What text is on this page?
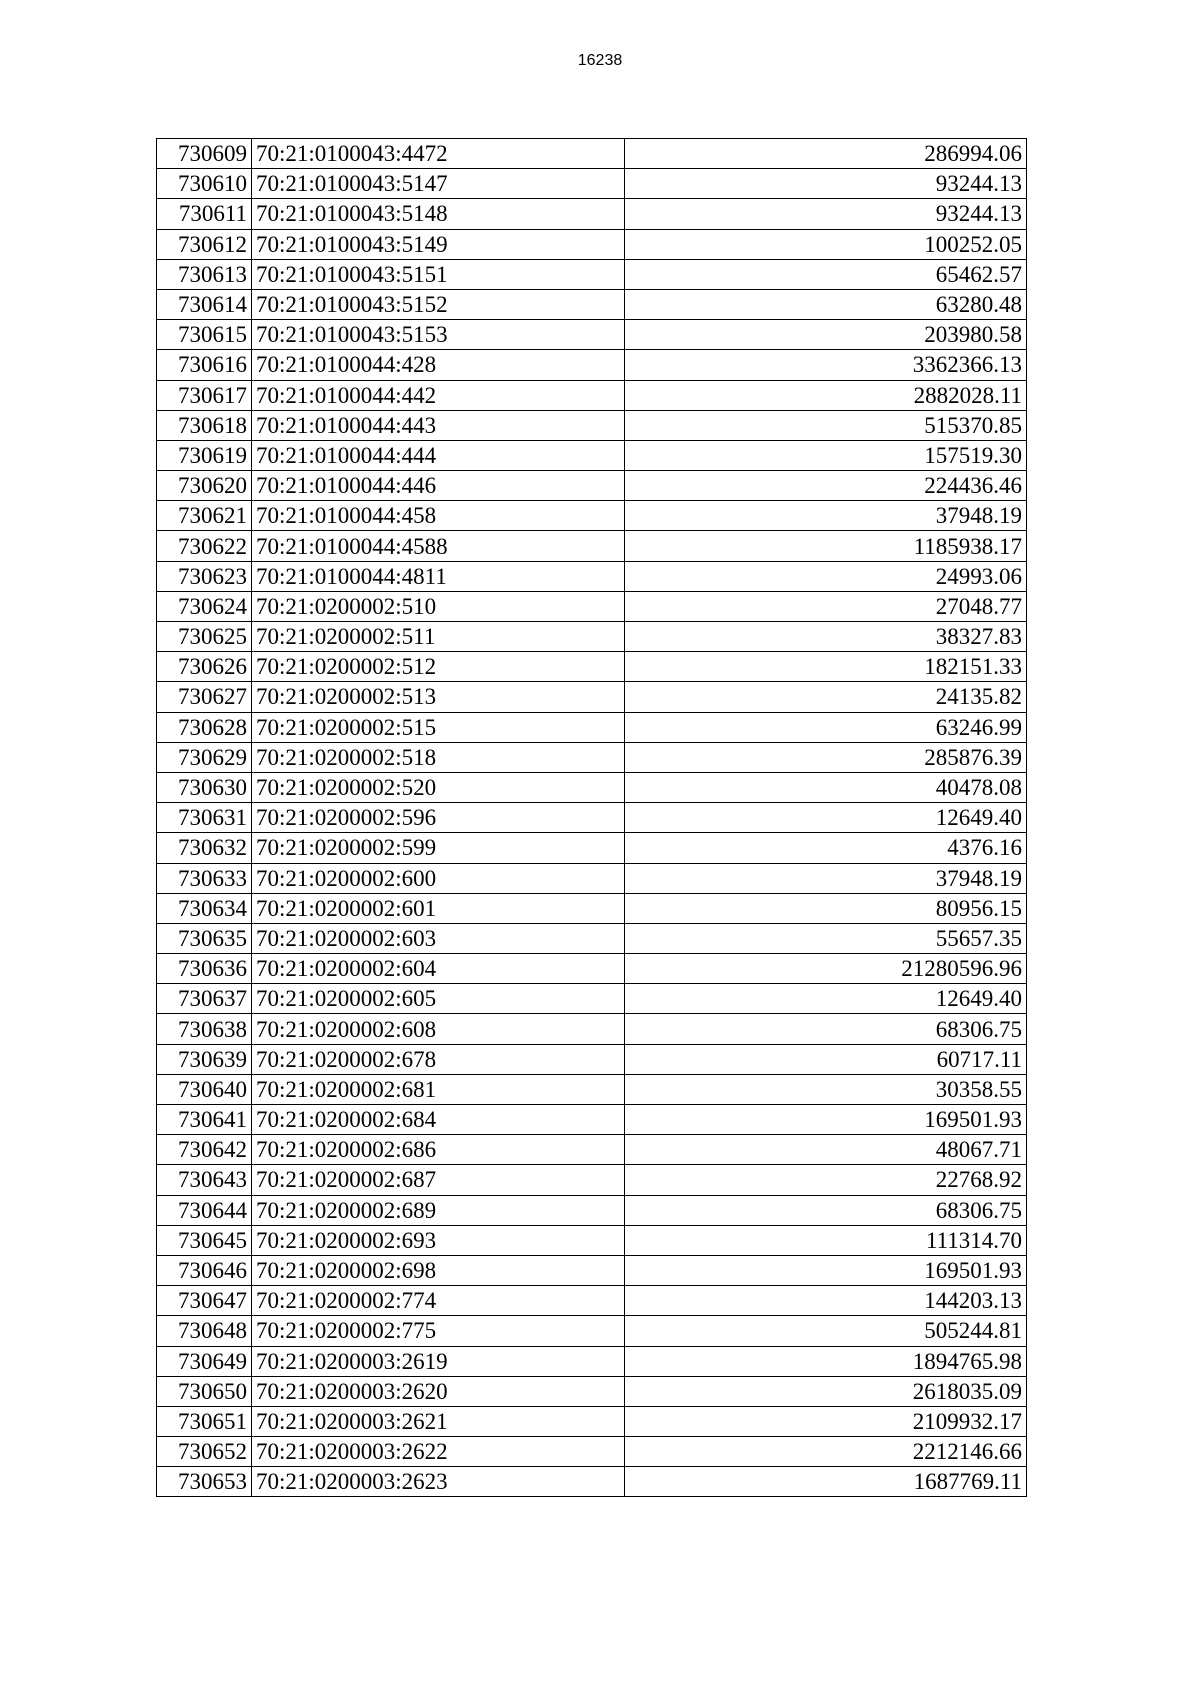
16238
730609	70:21:0100043:4472	286994.06
730610	70:21:0100043:5147	93244.13
730611	70:21:0100043:5148	93244.13
730612	70:21:0100043:5149	100252.05
730613	70:21:0100043:5151	65462.57
730614	70:21:0100043:5152	63280.48
730615	70:21:0100043:5153	203980.58
730616	70:21:0100044:428	3362366.13
730617	70:21:0100044:442	2882028.11
730618	70:21:0100044:443	515370.85
730619	70:21:0100044:444	157519.30
730620	70:21:0100044:446	224436.46
730621	70:21:0100044:458	37948.19
730622	70:21:0100044:4588	1185938.17
730623	70:21:0100044:4811	24993.06
730624	70:21:0200002:510	27048.77
730625	70:21:0200002:511	38327.83
730626	70:21:0200002:512	182151.33
730627	70:21:0200002:513	24135.82
730628	70:21:0200002:515	63246.99
730629	70:21:0200002:518	285876.39
730630	70:21:0200002:520	40478.08
730631	70:21:0200002:596	12649.40
730632	70:21:0200002:599	4376.16
730633	70:21:0200002:600	37948.19
730634	70:21:0200002:601	80956.15
730635	70:21:0200002:603	55657.35
730636	70:21:0200002:604	21280596.96
730637	70:21:0200002:605	12649.40
730638	70:21:0200002:608	68306.75
730639	70:21:0200002:678	60717.11
730640	70:21:0200002:681	30358.55
730641	70:21:0200002:684	169501.93
730642	70:21:0200002:686	48067.71
730643	70:21:0200002:687	22768.92
730644	70:21:0200002:689	68306.75
730645	70:21:0200002:693	111314.70
730646	70:21:0200002:698	169501.93
730647	70:21:0200002:774	144203.13
730648	70:21:0200002:775	505244.81
730649	70:21:0200003:2619	1894765.98
730650	70:21:0200003:2620	2618035.09
730651	70:21:0200003:2621	2109932.17
730652	70:21:0200003:2622	2212146.66
730653	70:21:0200003:2623	1687769.11
